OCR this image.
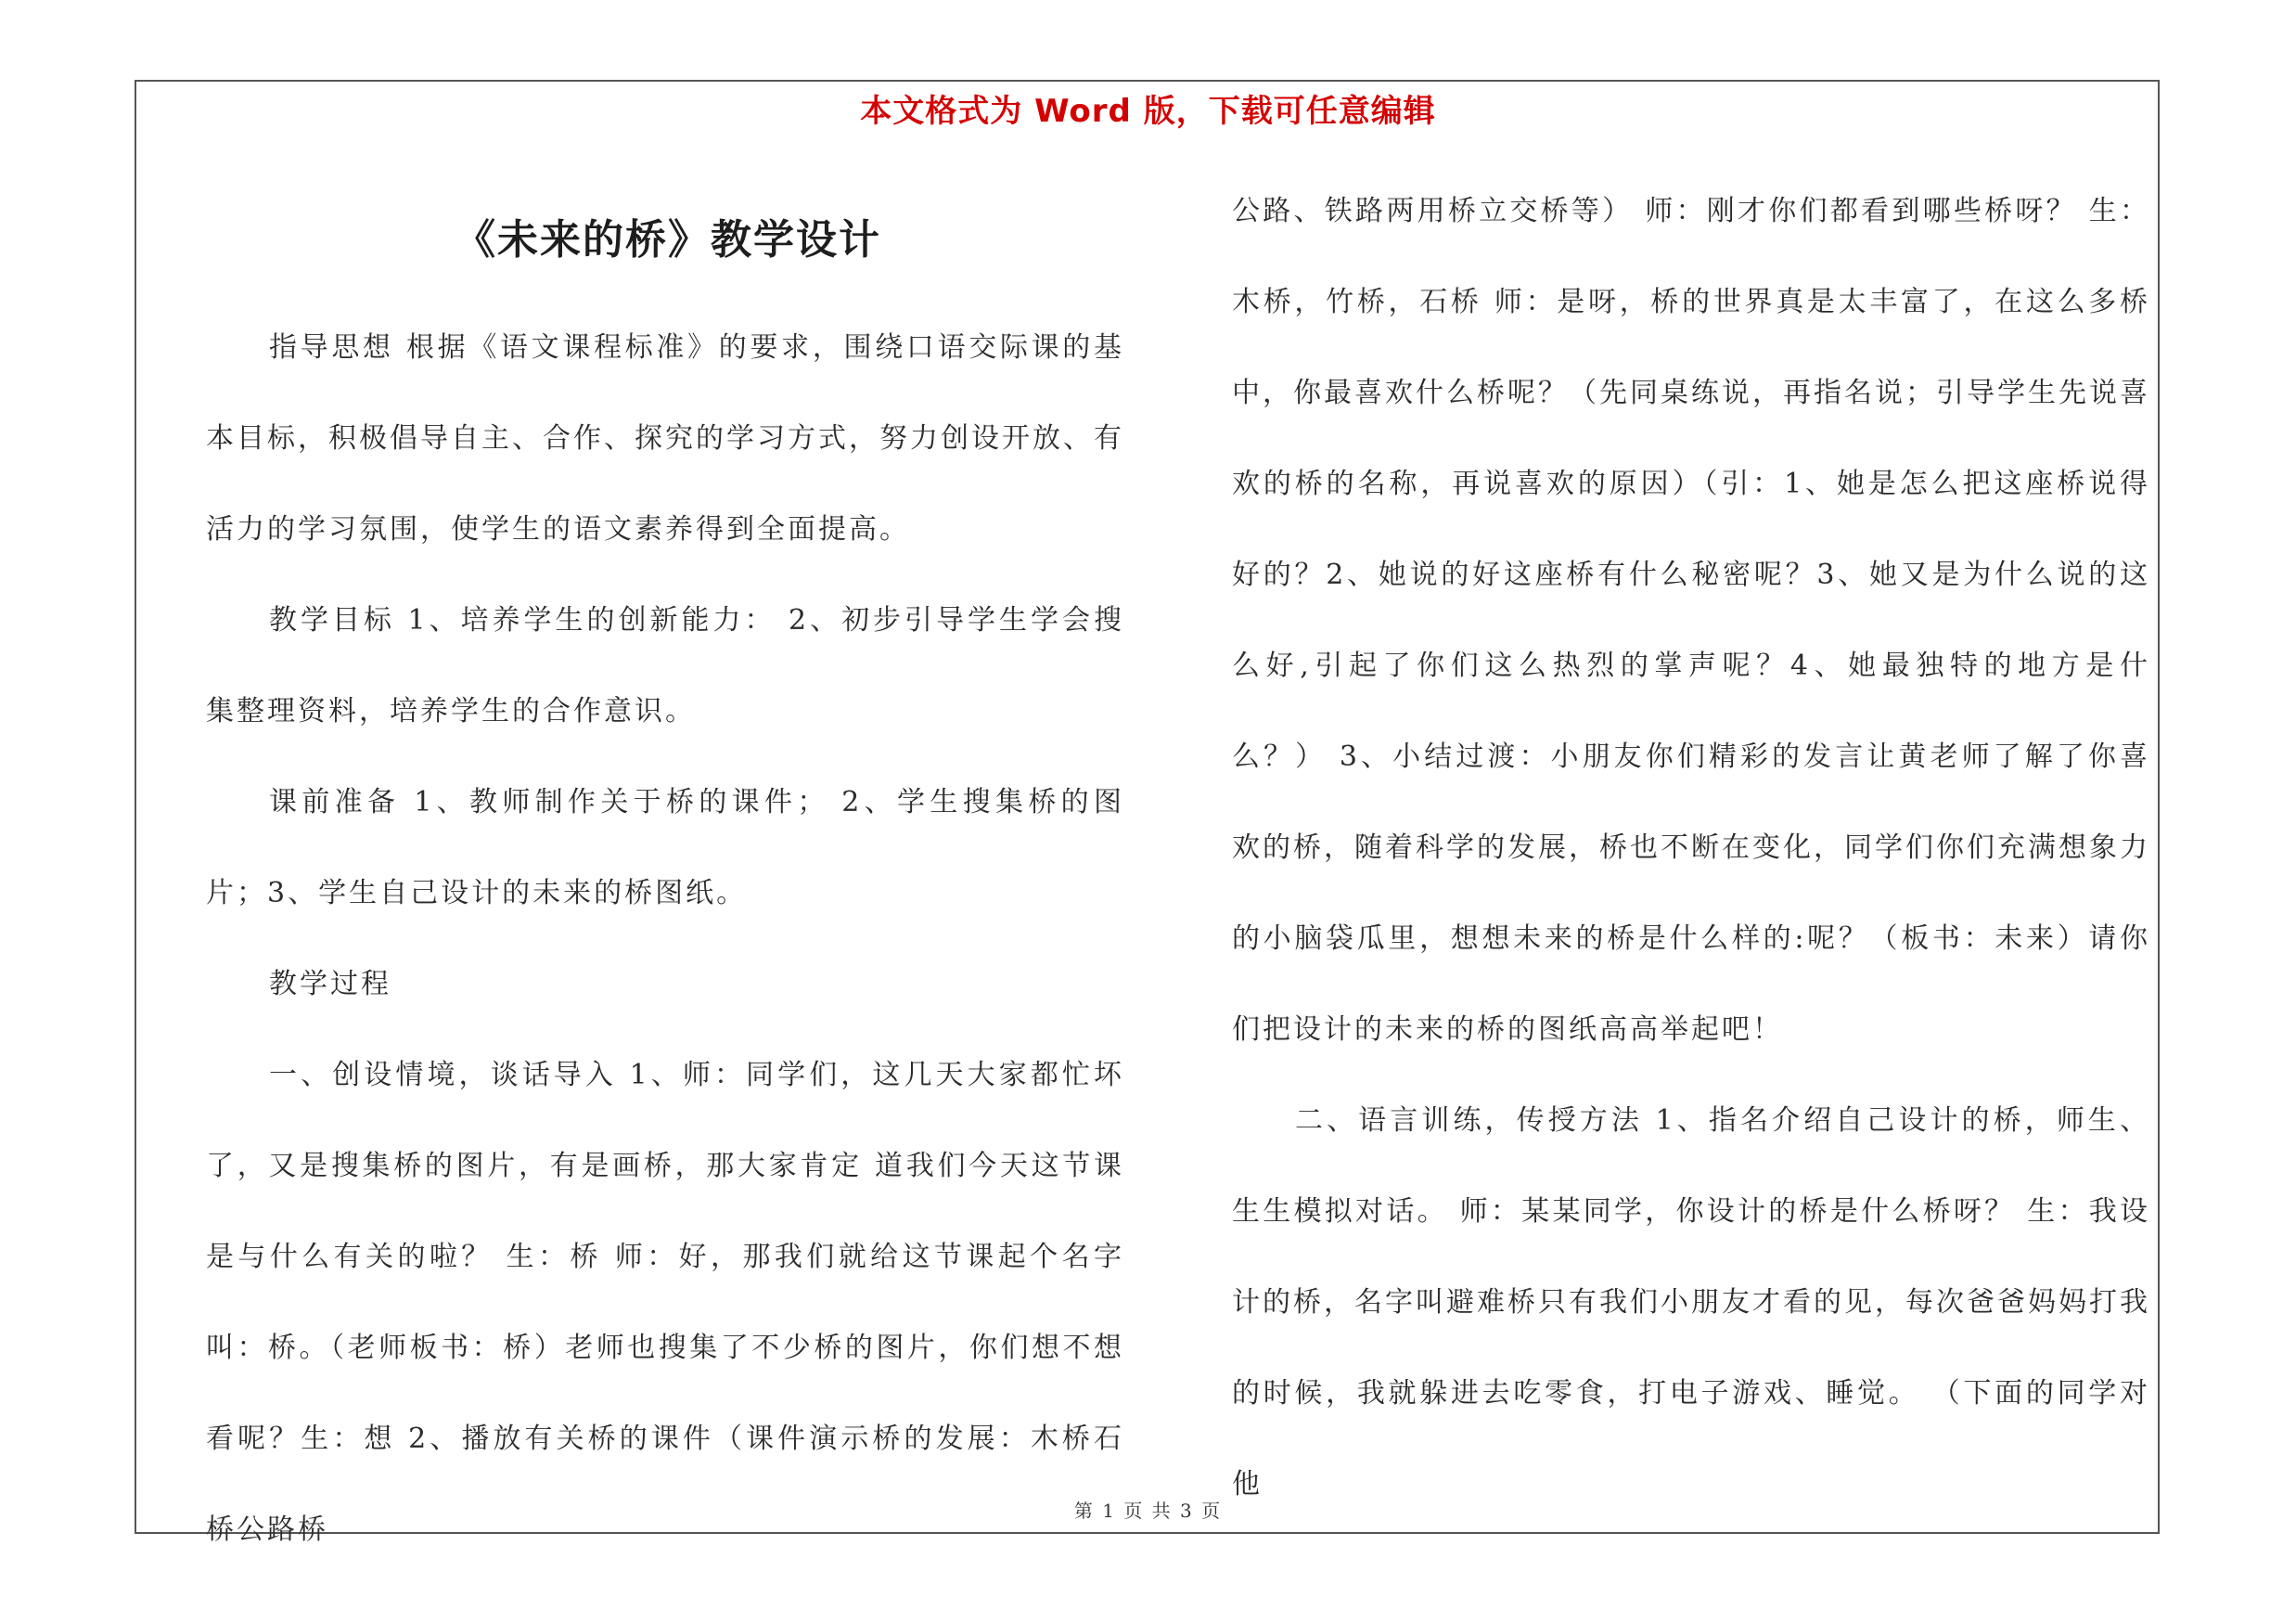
本文格式为 Word 版，下载可任意编辑
《未来的桥》教学设计

指导思想 根据《语文课程标准》的要求，围绕口语交际课的基本目标，积极倡导自主、合作、探究的学习方式，努力创设开放、有活力的学习氛围，使学生的语文素养得到全面提高。

教学目标 1、培养学生的创新能力： 2、初步引导学生学会搜集整理资料，培养学生的合作意识。

课前准备 1、教师制作关于桥的课件； 2、学生搜集桥的图片；3、学生自己设计的未来的桥图纸。

教学过程

一、创设情境，谈话导入 1、师：同学们，这几天大家都忙坏了，又是搜集桥的图片，有是画桥，那大家肯定 道我们今天这节课是与什么有关的啦？ 生：桥 师：好，那我们就给这节课起个名字叫：桥。（老师板书：桥）老师也搜集了不少桥的图片，你们想不想看呢？生：想 2、播放有关桥的课件（课件演示桥的发展：木桥石桥公路桥

公路、铁路两用桥立交桥等） 师：刚才你们都看到哪些桥呀？ 生：木桥，竹桥，石桥 师：是呀，桥的世界真是太丰富了，在这么多桥中，你最喜欢什么桥呢？（先同桌练说，再指名说；引导学生先说喜欢的桥的名称，再说喜欢的原因）（引：1、她是怎么把这座桥说得好的？2、她说的好这座桥有什么秘密呢？3、她又是为什么说的这么好,引起了你们这么热烈的掌声呢？4、她最独特的地方是什么？） 3、小结过渡：小朋友你们精彩的发言让黄老师了解了你喜欢的桥，随着科学的发展，桥也不断在变化，同学们你们充满想象力的小脑袋瓜里，想想未来的桥是什么样的:呢？（板书：未来）请你们把设计的未来的桥的图纸高高举起吧！

二、语言训练，传授方法 1、指名介绍自己设计的桥，师生、生生模拟对话。 师：某某同学，你设计的桥是什么桥呀？ 生：我设计的桥，名字叫避难桥只有我们小朋友才看的见，每次爸爸妈妈打我的时候，我就躲进去吃零食，打电子游戏、睡觉。 （下面的同学对他

第 1 页 共 3 页
